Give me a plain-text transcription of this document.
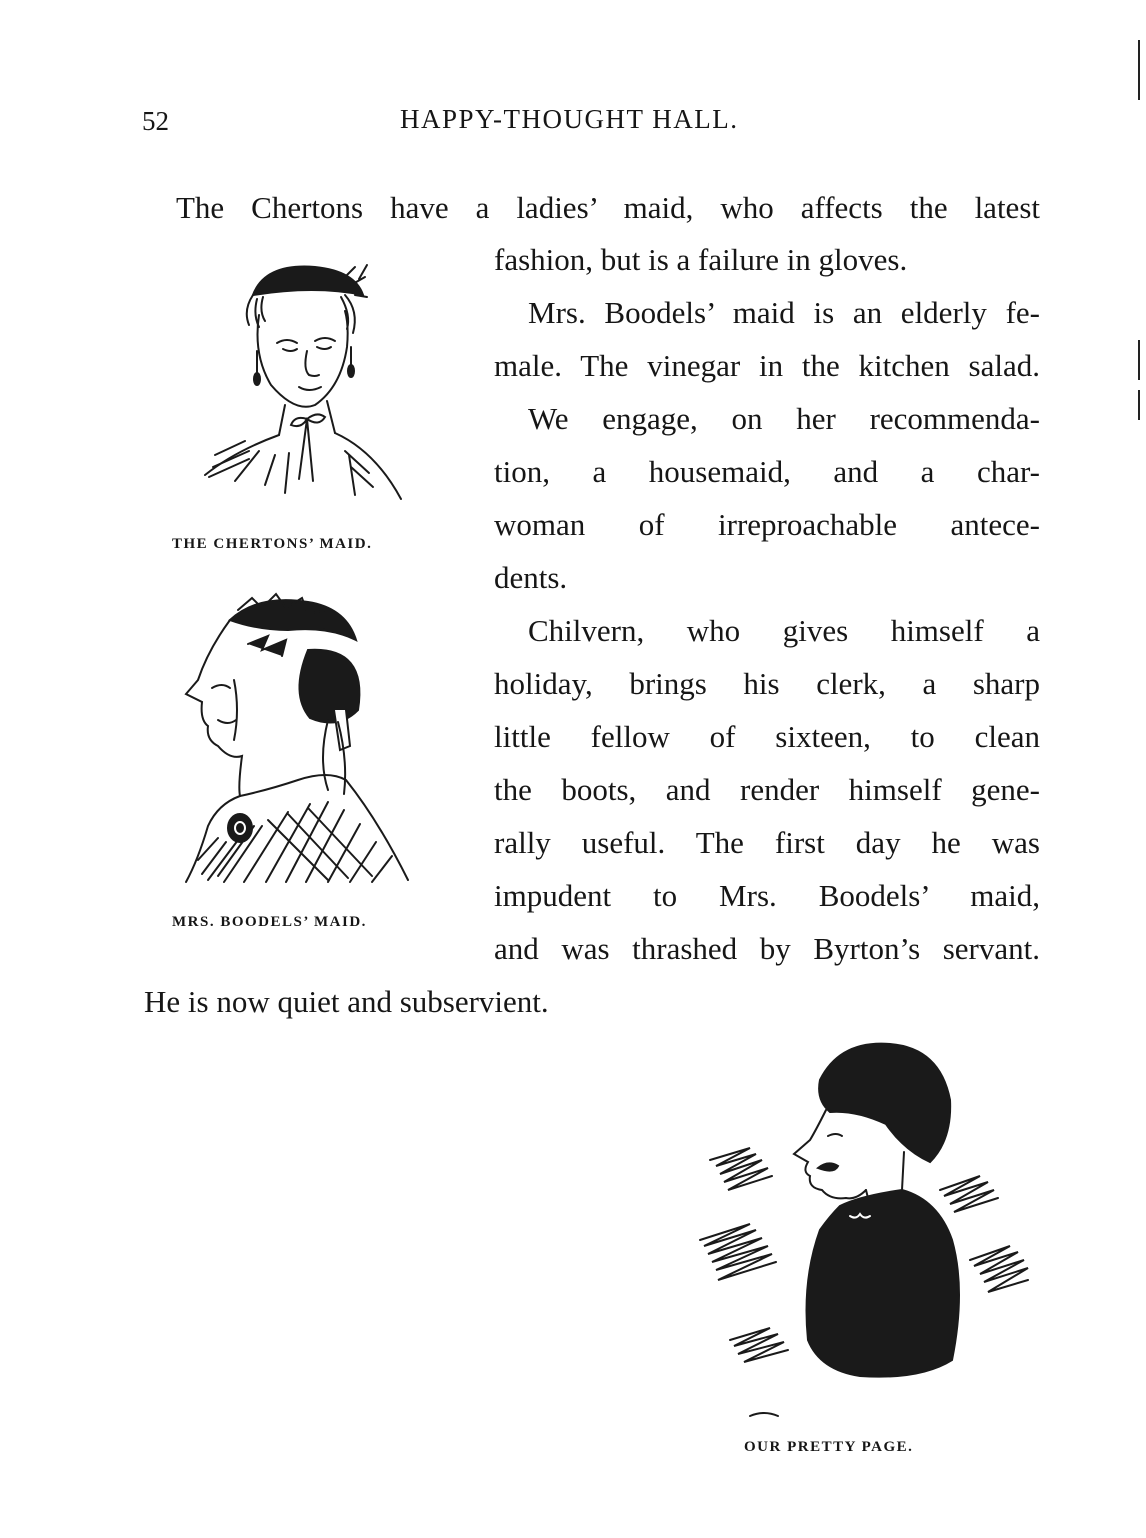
52	HAPPY-THOUGHT HALL.
The Chertons have a ladies’ maid, who affects the latest
fashion, but is a failure in gloves.
Mrs. Boodels’ maid is an elderly fe-
male. The vinegar in the kitchen salad.
We engage, on her recommenda-
tion, a housemaid, and a char-
woman of irreproachable antece-
dents.
Chilvern, who gives himself a
holiday, brings his clerk, a sharp
little fellow of sixteen, to clean
the boots, and render himself gene-
rally useful. The first day he was
impudent to Mrs. Boodels’ maid,
and was thrashed by Byrton’s servant.
He is now quiet and subservient.
THE CHERTONS’ MAID.
MRS. BOODELS’ MAID.
OUR PRETTY PAGE.
